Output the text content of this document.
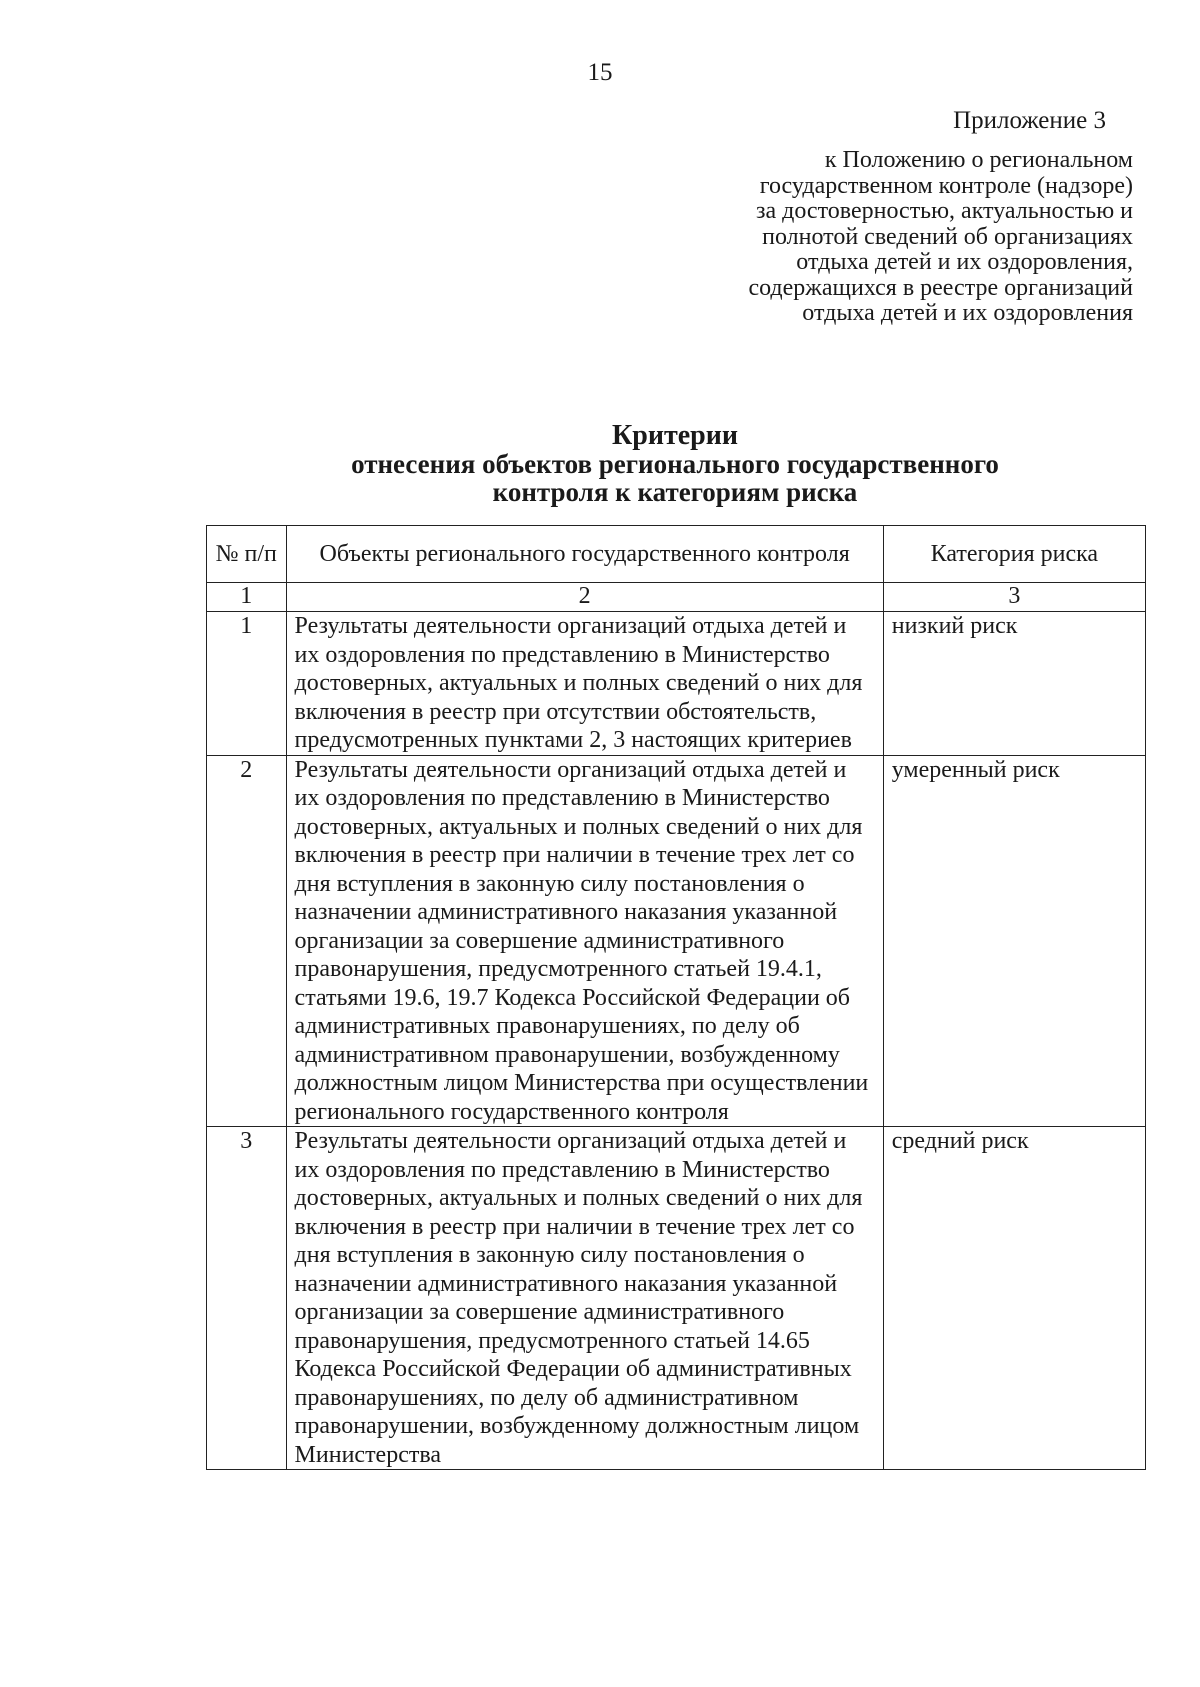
15
Приложение 3
к Положению о региональном
государственном контроле (надзоре)
за достоверностью, актуальностью и
полнотой сведений об организациях
отдыха детей и их оздоровления,
содержащихся в реестре организаций
отдыха детей и их оздоровления
Критерии
отнесения объектов регионального государственного
контроля к категориям риска
№ п/п	Объекты регионального государственного контроля	Категория риска
1	2	3
1	Результаты деятельности организаций отдыха детей и их оздоровления по представлению в Министерство достоверных, актуальных и полных сведений о них для включения в реестр при отсутствии обстоятельств, предусмотренных пунктами 2, 3 настоящих критериев	низкий риск
2	Результаты деятельности организаций отдыха детей и их оздоровления по представлению в Министерство достоверных, актуальных и полных сведений о них для включения в реестр при наличии в течение трех лет со дня вступления в законную силу постановления о назначении административного наказания указанной организации за совершение административного правонарушения, предусмотренного статьей 19.4.1, статьями 19.6, 19.7 Кодекса Российской Федерации об административных правонарушениях, по делу об административном правонарушении, возбужденному должностным лицом Министерства при осуществлении регионального государственного контроля	умеренный риск
3	Результаты деятельности организаций отдыха детей и их оздоровления по представлению в Министерство достоверных, актуальных и полных сведений о них для включения в реестр при наличии в течение трех лет со дня вступления в законную силу постановления о назначении административного наказания указанной организации за совершение административного правонарушения, предусмотренного статьей 14.65 Кодекса Российской Федерации об административных правонарушениях, по делу об административном правонарушении, возбужденному должностным лицом Министерства	средний риск
